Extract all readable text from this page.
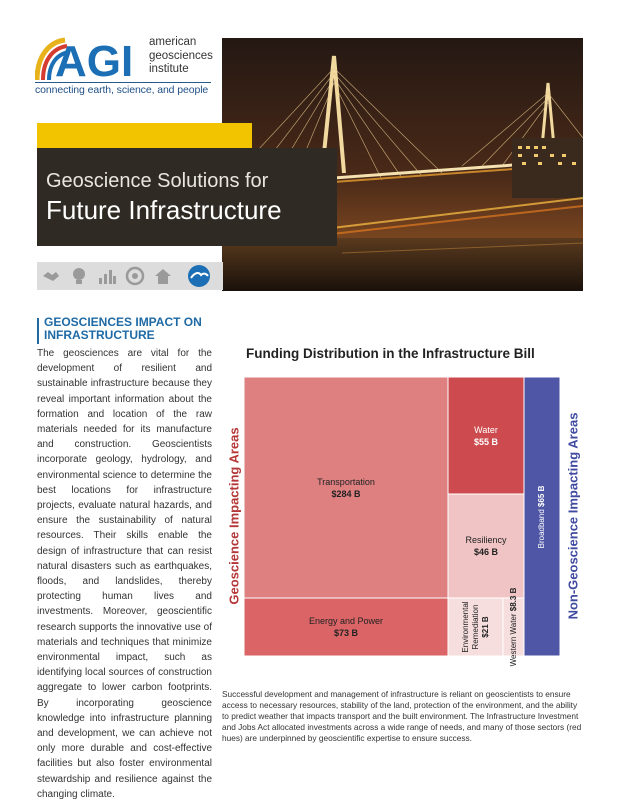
AGI american
geosciences
institute
connecting earth, science, and people
Geoscience Solutions for
Future Infrastructure
GEOSCIENCES IMPACT ON
INFRASTRUCTURE

The geosciences are vital for the development of resilient and sustainable infrastructure because they reveal important information about the formation and location of the raw materials needed for its manufacture and construction. Geoscientists incorporate geology, hydrology, and environmental science to determine the best locations for infrastructure projects, evaluate natural hazards, and ensure the sustainability of natural resources. Their skills enable the design of infrastructure that can resist natural disasters such as earthquakes, floods, and landslides, thereby protecting human lives and investments. Moreover, geoscientific research supports the innovative use of materials and techniques that minimize environmental impact, such as identifying local sources of construction aggregate to lower carbon footprints. By incorporating geoscience knowledge into infrastructure planning and development, we can achieve not only more durable and cost-effective facilities but also foster environmental stewardship and resilience against the changing climate.

Funding Distribution in the Infrastructure Bill
Geoscience Impacting Areas	Non-Geoscience Impacting Areas
Transportation
$284 B
Energy and Power
$73 B
Water
$55 B
Resiliency
$46 B
Environmental Remediation $21 B Western Water $8.3 B
Broadband $65 B

Successful development and management of infrastructure is reliant on geoscientists to ensure access to necessary resources, stability of the land, protection of the environment, and the ability to predict weather that impacts transport and the built environment. The Infrastructure Investment and Jobs Act allocated investments across a wide range of needs, and many of those sectors (red hues) are underpinned by geoscientific expertise to ensure success.
